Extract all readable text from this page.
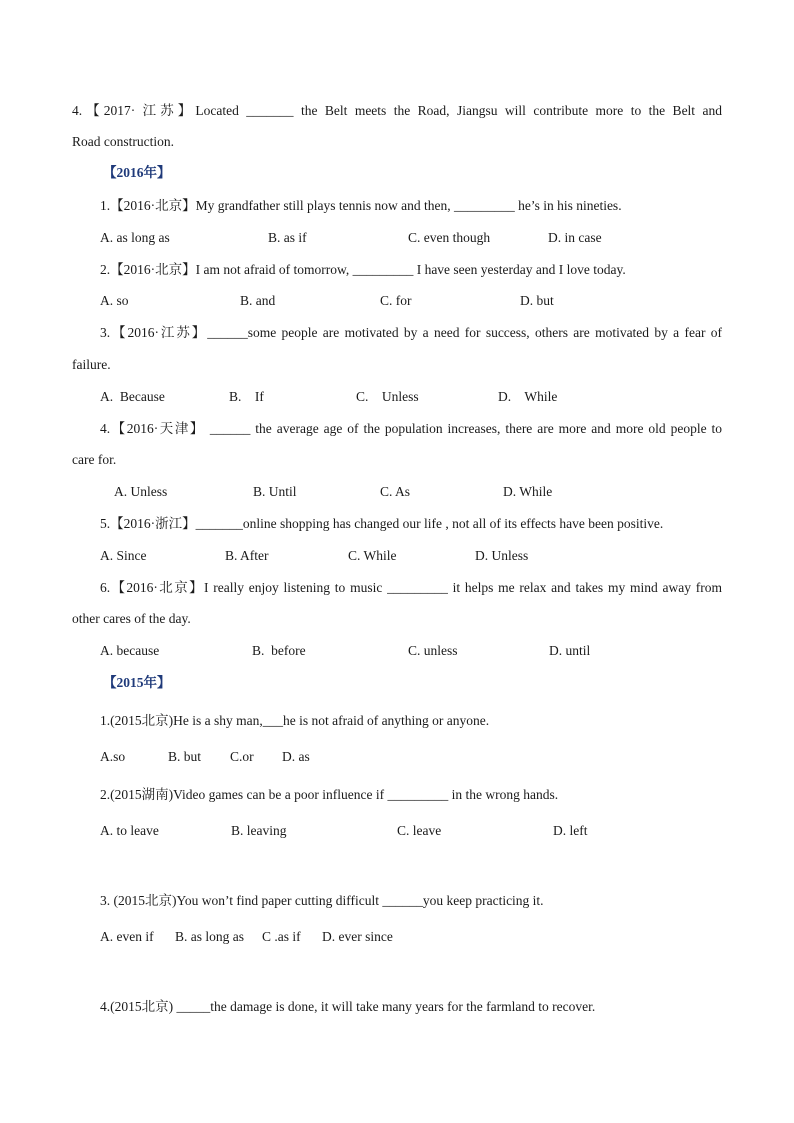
4.【2017· 江苏】Located _______ the Belt meets the Road, Jiangsu will contribute more to the Belt and
Road construction.
【2016年】
1.【2016·北京】My grandfather still plays tennis now and then, _________ he’s in his nineties.
A. as long as	B. as if	C. even though	D. in case
2.【2016·北京】I am not afraid of tomorrow, _________ I have seen yesterday and I love today.
A. so	B. and	C. for	D. but
3.【2016·江苏】______some people are motivated by a need for success, others are motivated by a fear of
failure.
A.  Because	B.    If	C.    Unless	D.    While
4.【2016·天津】 ______ the average age of the population increases, there are more and more old people to
care for.
A. Unless	B. Until	C. As	D. While
5.【2016·浙江】_______online shopping has changed our life , not all of its effects have been positive.
A. Since	B. After	C. While	D. Unless
6.【2016·北京】I really enjoy listening to music _________ it helps me relax and takes my mind away from
other cares of the day.
A. because	B.  before	C. unless	D. until
【2015年】
1.(2015北京)He is a shy man,___he is not afraid of anything or anyone.
A.so	B. but C.or D. as
2.(2015湖南)Video games can be a poor influence if _________ in the wrong hands.
A. to leave	B. leaving	C. leave	D. left
3. (2015北京)You won’t find paper cutting difficult ______you keep practicing it.
A. even if B. as long as C .as if D. ever since
4.(2015北京) _____the damage is done, it will take many years for the farmland to recover.
